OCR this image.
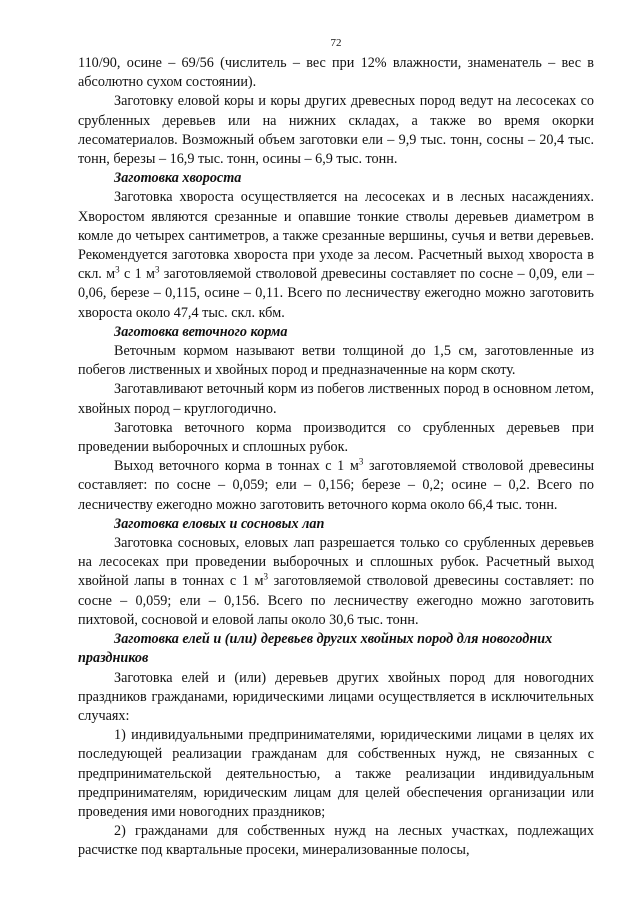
72

110/90, осине – 69/56 (числитель – вес при 12% влажности, знаменатель – вес в абсолютно сухом состоянии).

Заготовку еловой коры и коры других древесных пород ведут на лесосеках со срубленных деревьев или на нижних складах, а также во время окорки лесоматериалов. Возможный объем заготовки ели – 9,9 тыс. тонн, сосны – 20,4 тыс. тонн, березы – 16,9 тыс. тонн, осины – 6,9 тыс. тонн.

Заготовка хвороста

Заготовка хвороста осуществляется на лесосеках и в лесных насаждениях. Хворостом являются срезанные и опавшие тонкие стволы деревьев диаметром в комле до четырех сантиметров, а также срезанные вершины, сучья и ветви деревьев. Рекомендуется заготовка хвороста при уходе за лесом. Расчетный выход хвороста в скл. $м^3$ с 1 $м^3$ заготовляемой стволовой древесины составляет по сосне – 0,09, ели – 0,06, березе – 0,115, осине – 0,11. Всего по лесничеству ежегодно можно заготовить хвороста около 47,4 тыс. скл. кбм.

Заготовка веточного корма

Веточным кормом называют ветви толщиной до 1,5 см, заготовленные из побегов лиственных и хвойных пород и предназначенные на корм скоту.

Заготавливают веточный корм из побегов лиственных пород в основном летом, хвойных пород – круглогодично.

Заготовка веточного корма производится со срубленных деревьев при проведении выборочных и сплошных рубок.

Выход веточного корма в тоннах с 1 $м^3$ заготовляемой стволовой древесины составляет: по сосне – 0,059; ели – 0,156; березе – 0,2; осине – 0,2. Всего по лесничеству ежегодно можно заготовить веточного корма около 66,4 тыс. тонн.

Заготовка еловых и сосновых лап

Заготовка сосновых, еловых лап разрешается только со срубленных деревьев на лесосеках при проведении выборочных и сплошных рубок. Расчетный выход хвойной лапы в тоннах с 1 $м^3$ заготовляемой стволовой древесины составляет: по сосне – 0,059; ели – 0,156. Всего по лесничеству ежегодно можно заготовить пихтовой, сосновой и еловой лапы около 30,6 тыс. тонн.

Заготовка елей и (или) деревьев других хвойных пород для новогодних праздников

Заготовка елей и (или) деревьев других хвойных пород для новогодних праздников гражданами, юридическими лицами осуществляется в исключительных случаях:

1) индивидуальными предпринимателями, юридическими лицами в целях их последующей реализации гражданам для собственных нужд, не связанных с предпринимательской деятельностью, а также реализации индивидуальным предпринимателям, юридическим лицам для целей обеспечения организации или проведения ими новогодних праздников;

2) гражданами для собственных нужд на лесных участках, подлежащих расчистке под квартальные просеки, минерализованные полосы,
